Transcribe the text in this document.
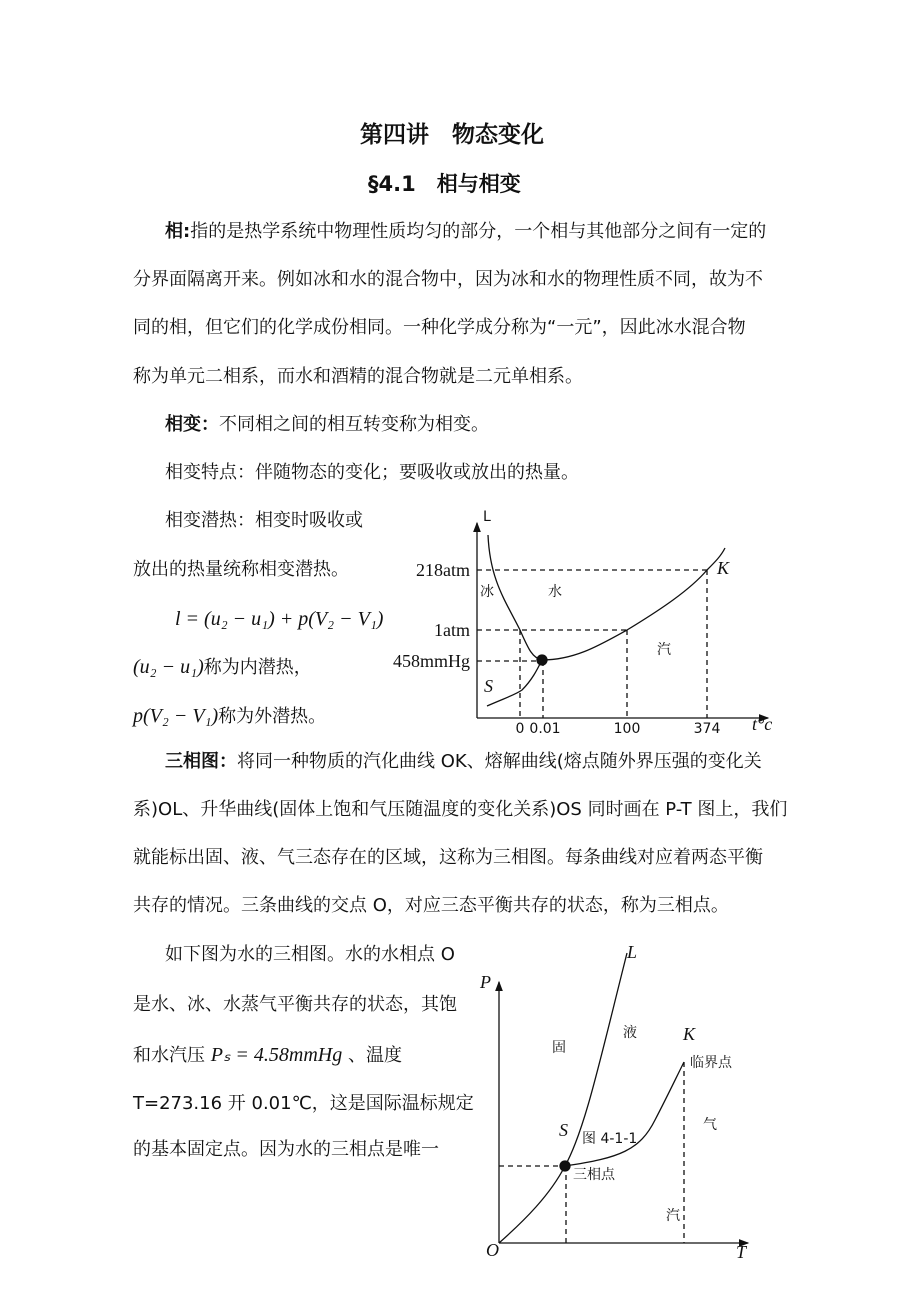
第四讲　物态变化
§4.1　相与相变
相:指的是热学系统中物理性质均匀的部分，一个相与其他部分之间有一定的
分界面隔离开来。例如冰和水的混合物中，因为冰和水的物理性质不同，故为不
同的相，但它们的化学成份相同。一种化学成分称为“一元”，因此冰水混合物
称为单元二相系，而水和酒精的混合物就是二元单相系。
相变：不同相之间的相互转变称为相变。
相变特点：伴随物态的变化；要吸收或放出的热量。
相变潜热：相变时吸收或
放出的热量统称相变潜热。
l = (u₂ − u₁) + p(V₂ − V₁)
(u₂ − u₁)称为内潜热，
p(V₂ − V₁)称为外潜热。
三相图：将同一种物质的汽化曲线 OK、熔解曲线(熔点随外界压强的变化关
系)OL、升华曲线(固体上饱和气压随温度的变化关系)OS 同时画在 P-T 图上，我们
就能标出固、液、气三态存在的区域，这称为三相图。每条曲线对应着两态平衡
共存的情况。三条曲线的交点 O，对应三态平衡共存的状态，称为三相点。
如下图为水的三相图。水的水相点 O
是水、冰、水蒸气平衡共存的状态，其饱
和水汽压 Pₛ = 4.58mmHg 、温度
T=273.16 开 0.01℃，这是国际温标规定
的基本固定点。因为水的三相点是唯一
L
t°c
218atm
1atm
458mmHg
0 0.01	100	374
冰	水
汽
S
K
P
T
O
L
K
S
固
液
气
汽
临界点
三相点
图 4-1-1
